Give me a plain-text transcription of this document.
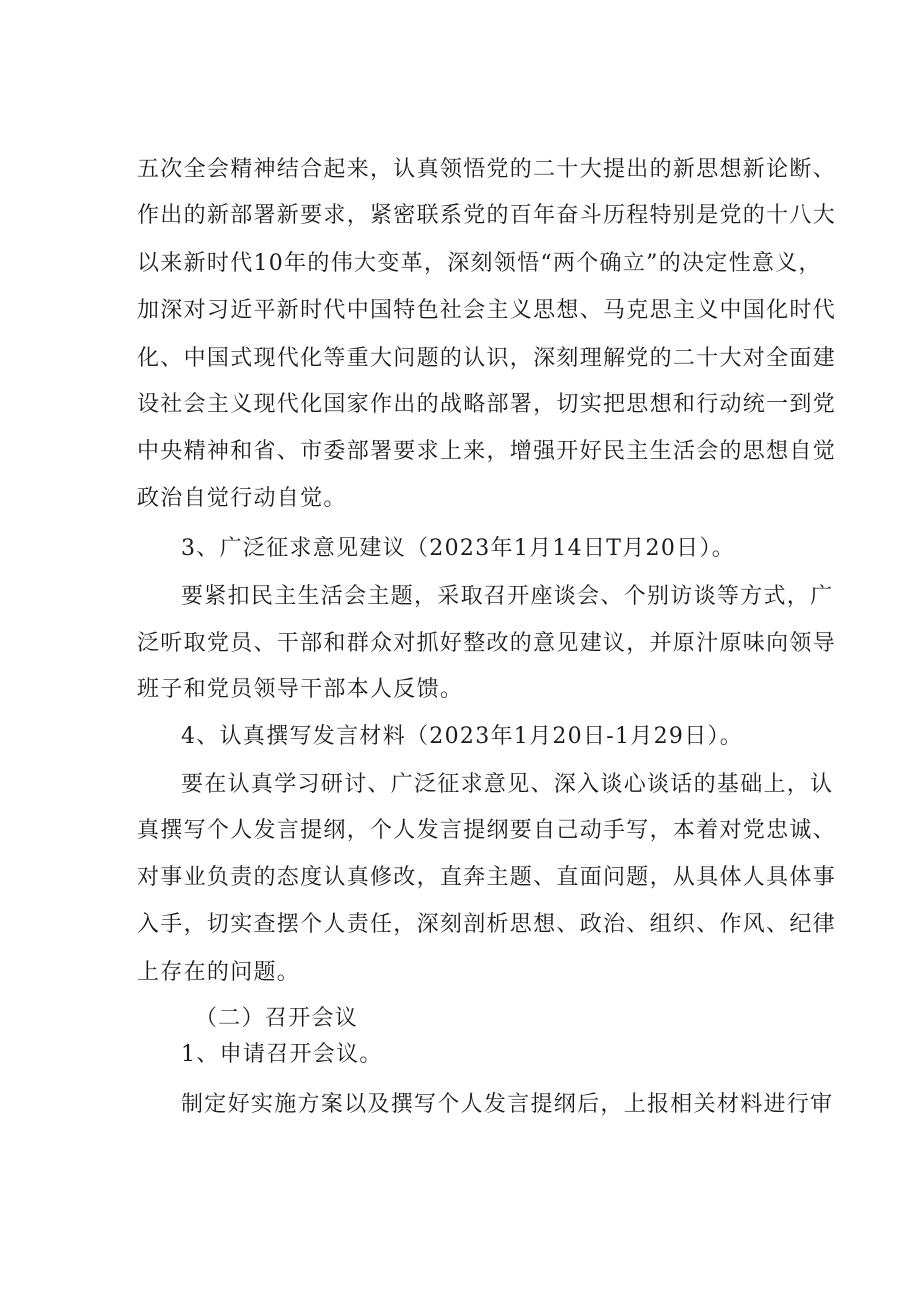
五次全会精神结合起来，认真领悟党的二十大提出的新思想新论断、
作出的新部署新要求，紧密联系党的百年奋斗历程特别是党的十八大
以来新时代10年的伟大变革，深刻领悟“两个确立”的决定性意义，
加深对习近平新时代中国特色社会主义思想、马克思主义中国化时代
化、中国式现代化等重大问题的认识，深刻理解党的二十大对全面建
设社会主义现代化国家作出的战略部署，切实把思想和行动统一到党
中央精神和省、市委部署要求上来，增强开好民主生活会的思想自觉
政治自觉行动自觉。
3、广泛征求意见建议（2023年1月14日T月20日）。
要紧扣民主生活会主题，采取召开座谈会、个别访谈等方式，广
泛听取党员、干部和群众对抓好整改的意见建议，并原汁原味向领导
班子和党员领导干部本人反馈。
4、认真撰写发言材料（2023年1月20日-1月29日）。
要在认真学习研讨、广泛征求意见、深入谈心谈话的基础上，认
真撰写个人发言提纲，个人发言提纲要自己动手写，本着对党忠诚、
对事业负责的态度认真修改，直奔主题、直面问题，从具体人具体事
入手，切实查摆个人责任，深刻剖析思想、政治、组织、作风、纪律
上存在的问题。
（二）召开会议
1、申请召开会议。
制定好实施方案以及撰写个人发言提纲后，上报相关材料进行审
